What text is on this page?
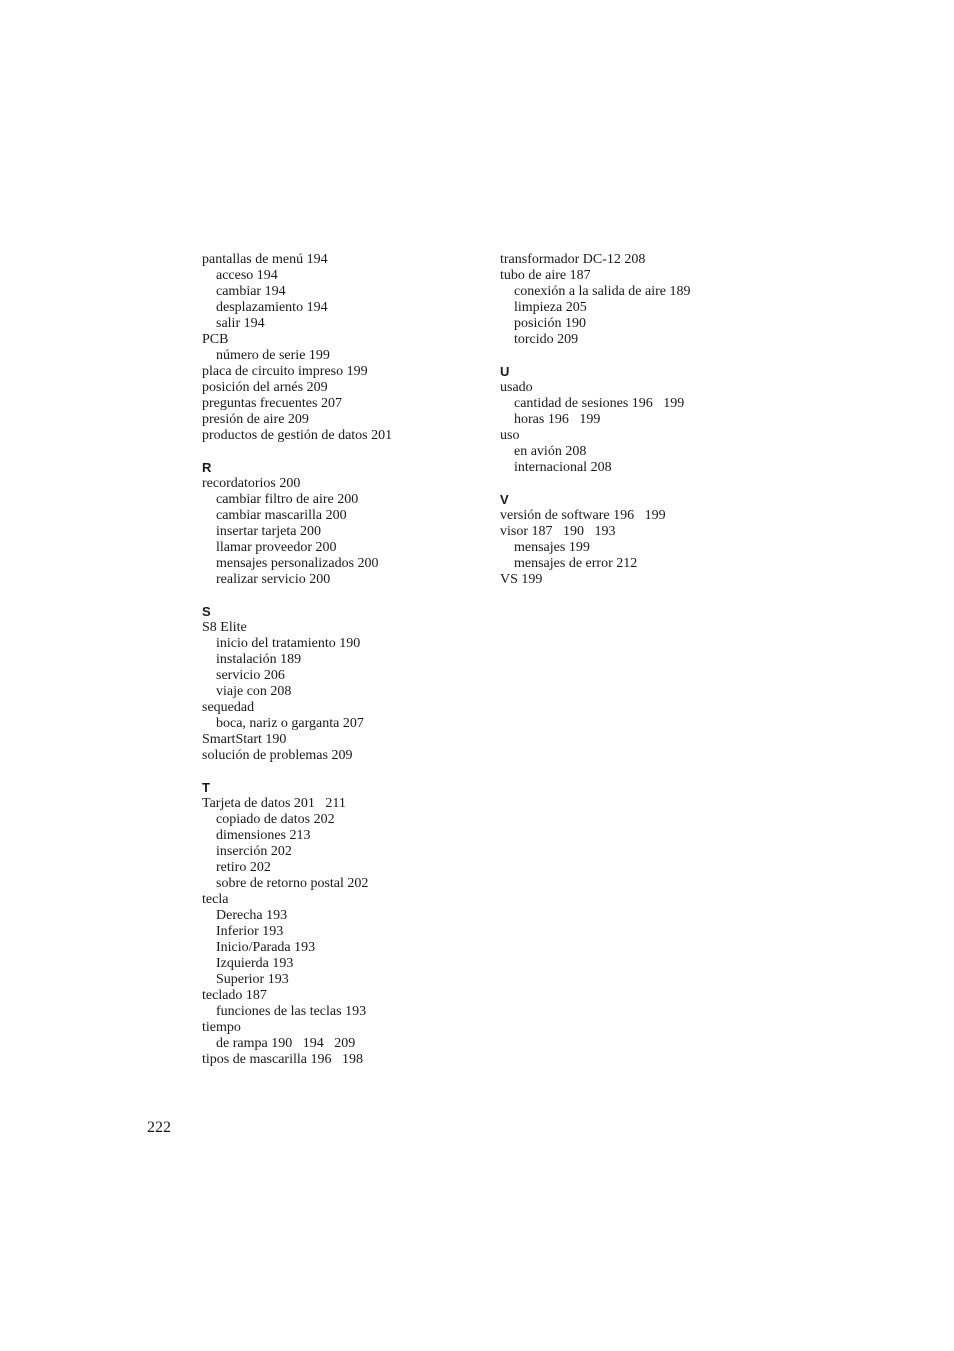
pantallas de menú 194
acceso 194
cambiar 194
desplazamiento 194
salir 194
PCB
número de serie 199
placa de circuito impreso 199
posición del arnés 209
preguntas frecuentes 207
presión de aire 209
productos de gestión de datos 201
R
recordatorios 200
cambiar filtro de aire 200
cambiar mascarilla 200
insertar tarjeta 200
llamar proveedor 200
mensajes personalizados 200
realizar servicio 200
S
S8 Elite
inicio del tratamiento 190
instalación 189
servicio 206
viaje con 208
sequedad
boca, nariz o garganta 207
SmartStart 190
solución de problemas 209
T
Tarjeta de datos 201   211
copiado de datos 202
dimensiones 213
inserción 202
retiro 202
sobre de retorno postal 202
tecla
Derecha 193
Inferior 193
Inicio/Parada 193
Izquierda 193
Superior 193
teclado 187
funciones de las teclas 193
tiempo
de rampa 190   194   209
tipos de mascarilla 196   198
transformador DC-12 208
tubo de aire 187
conexión a la salida de aire 189
limpieza 205
posición 190
torcido 209
U
usado
cantidad de sesiones 196   199
horas 196   199
uso
en avión 208
internacional 208
V
versión de software 196   199
visor 187   190   193
mensajes 199
mensajes de error 212
VS 199
222
